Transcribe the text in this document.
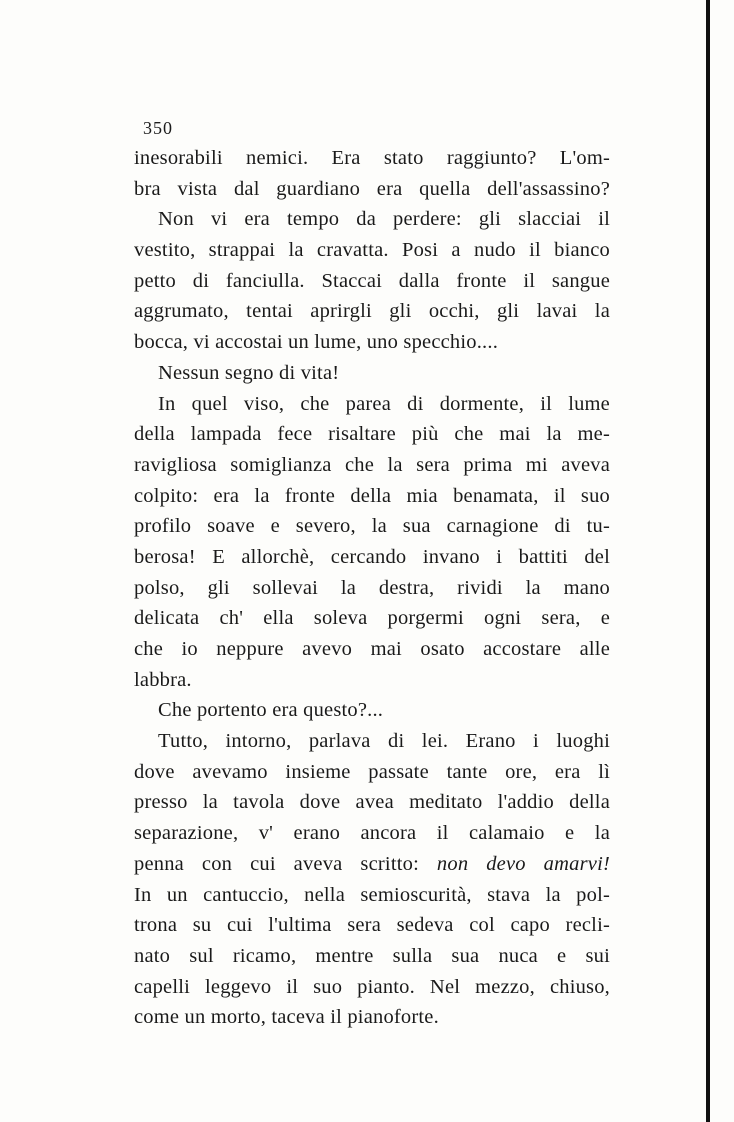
350
inesorabili nemici. Era stato raggiunto? L'om-
bra vista dal guardiano era quella dell'assassino?
Non vi era tempo da perdere: gli slacciai il
vestito, strappai la cravatta. Posi a nudo il bianco
petto di fanciulla. Staccai dalla fronte il sangue
aggrumato, tentai aprirgli gli occhi, gli lavai la
bocca, vi accostai un lume, uno specchio....
Nessun segno di vita!
In quel viso, che parea di dormente, il lume
della lampada fece risaltare più che mai la me-
ravigliosa somiglianza che la sera prima mi aveva
colpito: era la fronte della mia benamata, il suo
profilo soave e severo, la sua carnagione di tu-
berosa! E allorchè, cercando invano i battiti del
polso, gli sollevai la destra, rividi la mano
delicata ch' ella soleva porgermi ogni sera, e
che io neppure avevo mai osato accostare alle
labbra.
Che portento era questo?...
Tutto, intorno, parlava di lei. Erano i luoghi
dove avevamo insieme passate tante ore, era lì
presso la tavola dove avea meditato l'addio della
separazione, v' erano ancora il calamaio e la
penna con cui aveva scritto: non devo amarvi!
In un cantuccio, nella semioscurità, stava la pol-
trona su cui l'ultima sera sedeva col capo recli-
nato sul ricamo, mentre sulla sua nuca e sui
capelli leggevo il suo pianto. Nel mezzo, chiuso,
come un morto, taceva il pianoforte.
